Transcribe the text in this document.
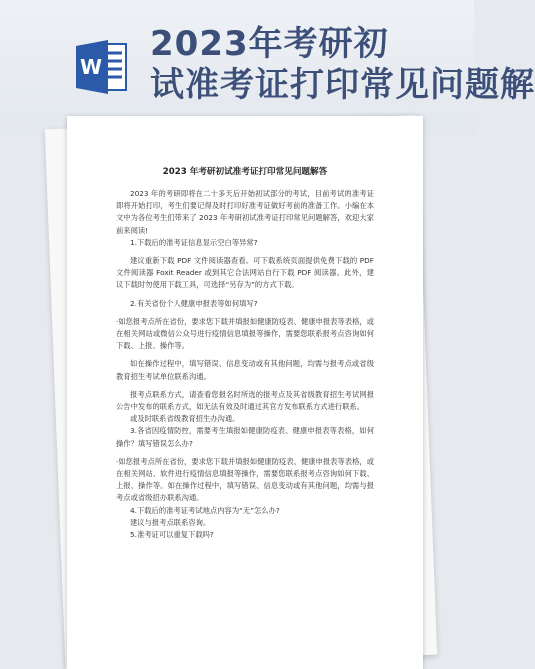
W
2023年考研初
试准考证打印常见问题解
2023 年考研初试准考证打印常见问题解答

2023 年的考研即将在二十多天后开始初试部分的考试，目前考试的准考证即将开始打印，考生们要记得及时打印好准考证做好考前的准备工作。小编在本文中为各位考生们带来了 2023 年考研初试准考证打印常见问题解答，欢迎大家前来阅读!

1.下载后的准考证信息显示空白等异常?

建议重新下载 PDF 文件阅读器查看。可下载系统页面提供免费下载的 PDF 文件阅读器 Foxit Reader 或到其它合法网站自行下载 PDF 阅读器。此外，建议下载时勿使用下载工具，可选择“另存为”的方式下载。

2.有关省份个人健康申报表等如何填写?

·如您报考点所在省份，要求您下载并填报如健康防疫表、健康申报表等表格，或在相关网站或微信公众号进行疫情信息填报等操作，需要您联系报考点咨询如何下载、上报、操作等。

如在操作过程中，填写错误、信息变动或有其他问题，均需与报考点或省级教育招生考试单位联系沟通。

报考点联系方式，请查看您报名时所选的报考点及其省级教育招生考试网报公告中发布的联系方式，如无法有效及时通过其官方发布联系方式进行联系。

或及时联系省级教育招生办沟通。

3.各省因疫情防控，需要考生填报如健康防疫表、健康申报表等表格，如何操作？填写错误怎么办?

·如您报考点所在省份，要求您下载并填报如健康防疫表、健康申报表等表格，或在相关网站、软件进行疫情信息填报等操作，需要您联系报考点咨询如何下载、上报、操作等。如在操作过程中，填写错误、信息变动或有其他问题，均需与报考点或省级招办联系沟通。

4.下载后的准考证考试地点内容为“无”怎么办?

建议与报考点联系咨询。

5.准考证可以重复下载吗?
